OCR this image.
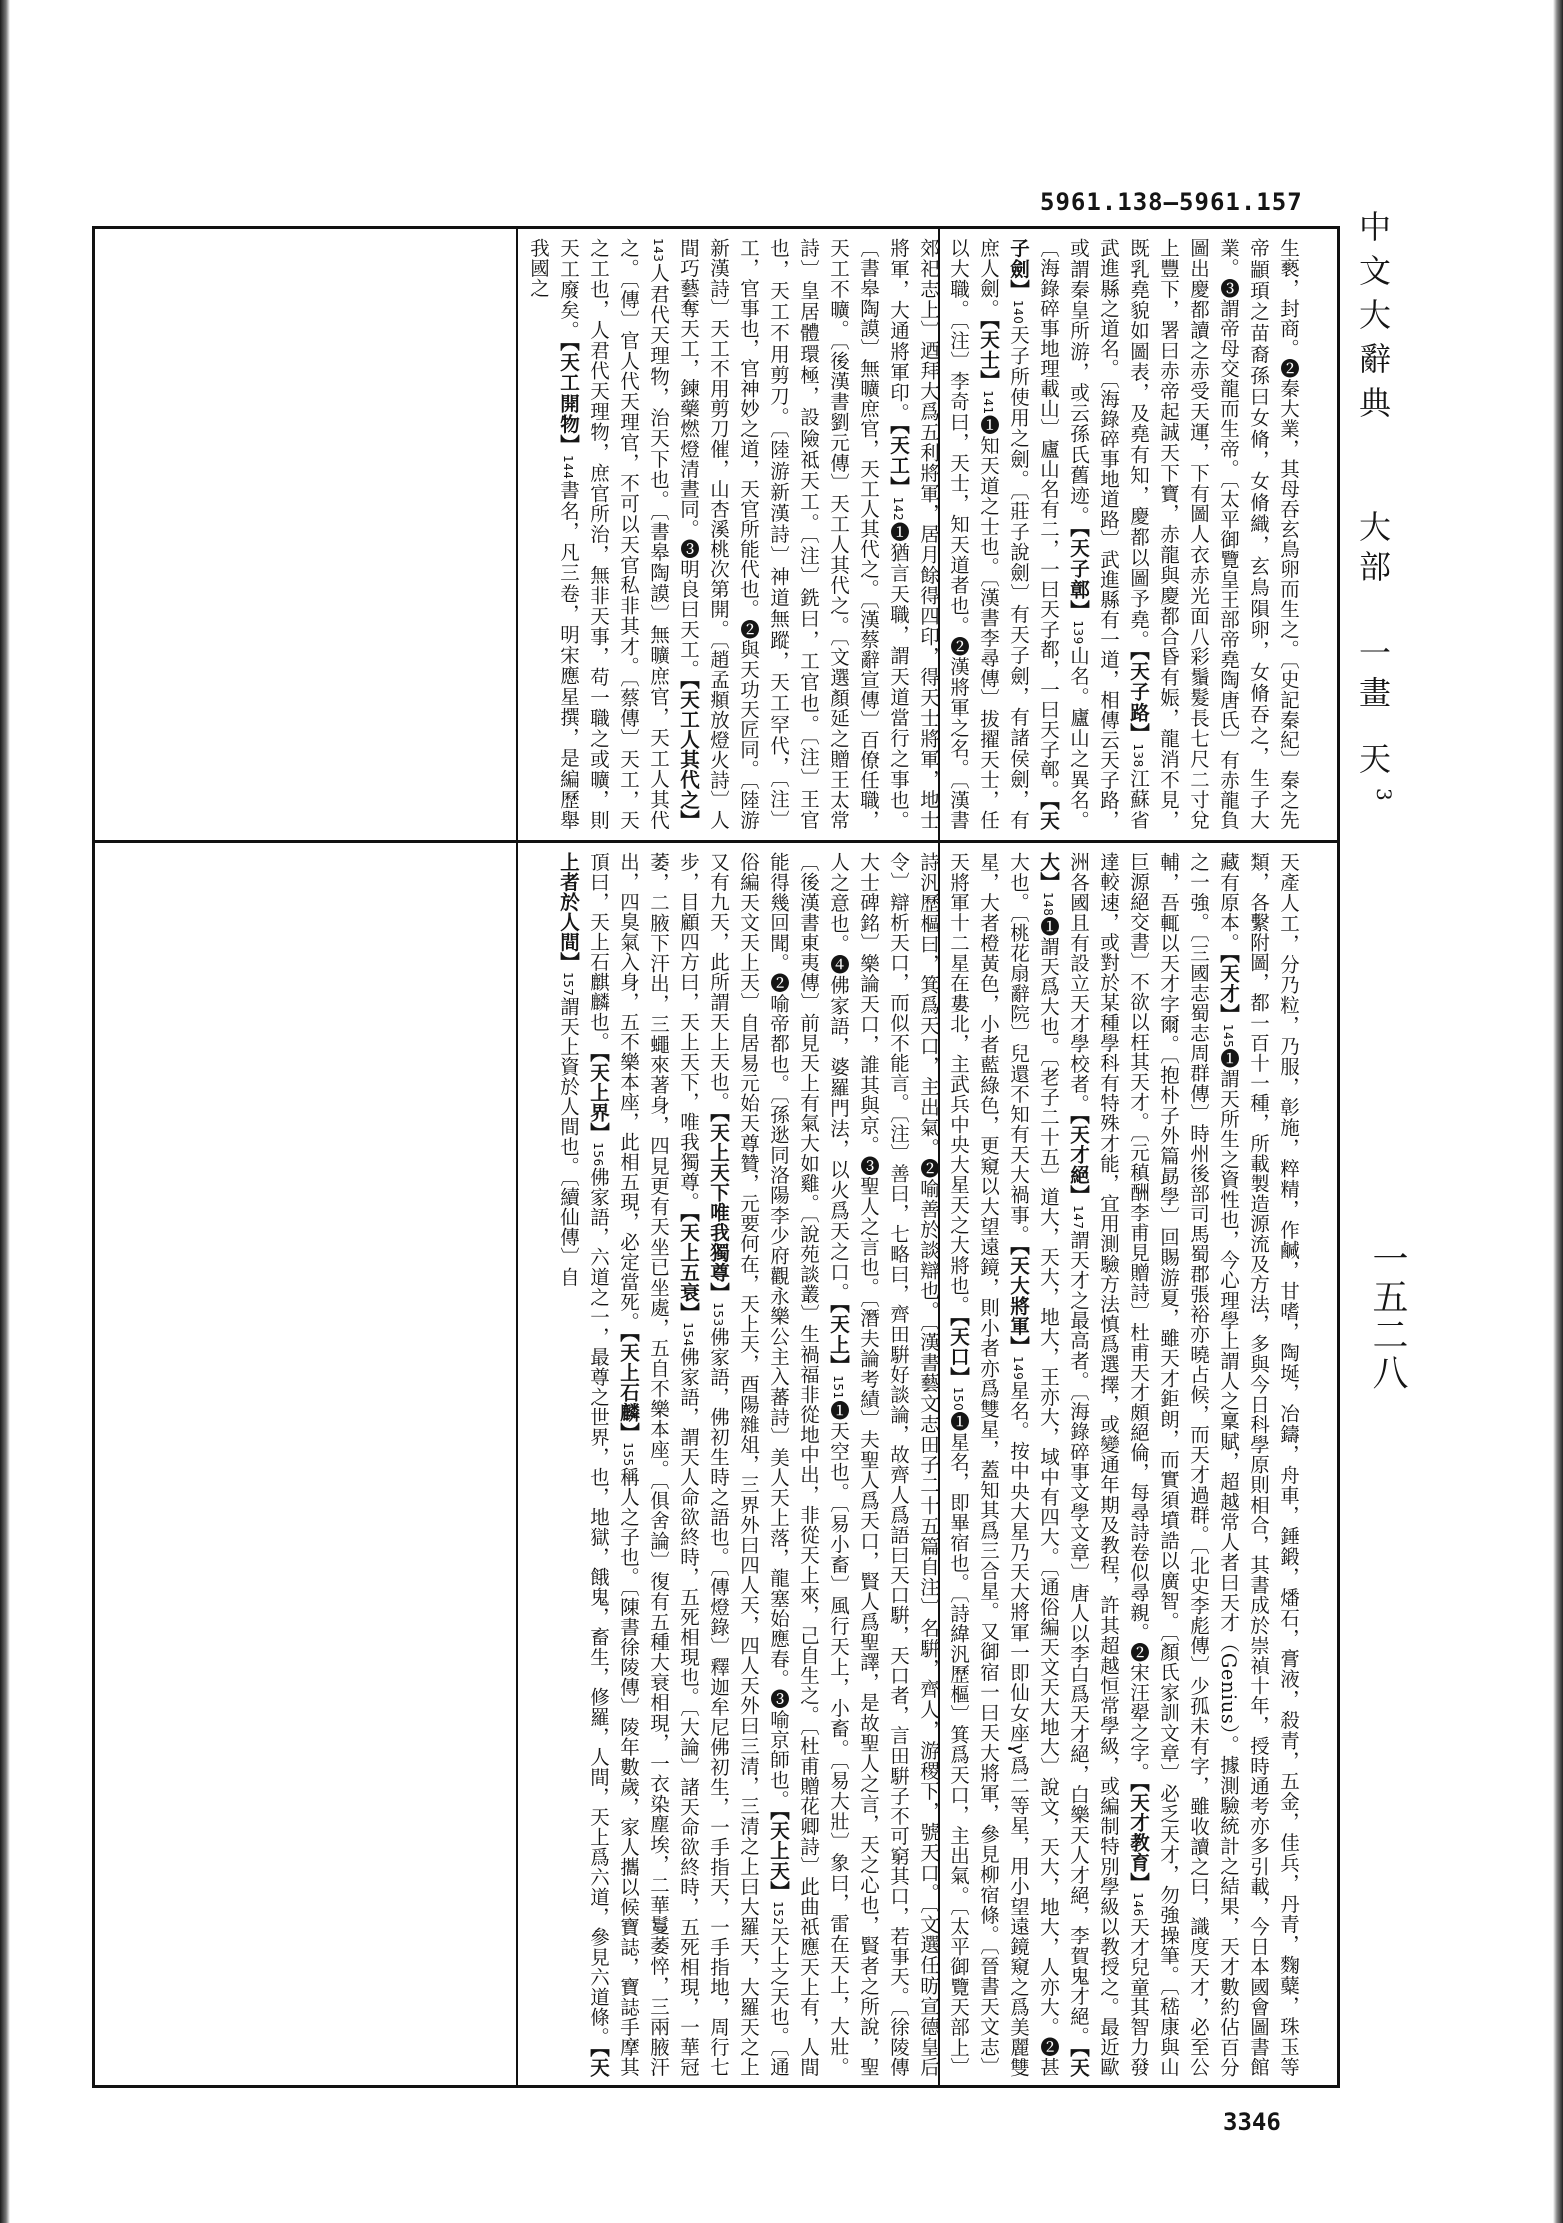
5961.138—5961.157
中文大辭典
大部
一畫
天
3
生褻，封商。❷秦大業，其母吞玄鳥卵而生之。〔史記秦紀〕秦之先帝顓頊之苗裔孫曰女脩，女脩織，玄鳥隕卵，女脩吞之，生子大業。❸謂帝母交龍而生帝。〔太平御覽皇王部帝堯陶唐氏〕有赤龍負圖出慶都讀之赤受天運，下有圖人衣赤光面八彩鬚髮長七尺二寸兌上豐下，署曰赤帝起誠天下寶，赤龍與慶都合昏有娠，龍消不見，既乳堯貌如圖表，及堯有知，慶都以圖予堯。【天子路】138江蘇省武進縣之道名。〔海錄碎事地道路〕武進縣有一道，相傳云天子路，或謂秦皇所游，或云孫氏舊迹。【天子鄣】139山名。廬山之異名。〔海錄碎事地理載山〕廬山名有二，一曰天子都，一曰天子鄣。【天子劍】140天子所使用之劍。〔莊子說劍〕有天子劍，有諸侯劍，有庶人劍。【天士】141❶知天道之士也。〔漢書李尋傳〕拔擢天士，任以大職。〔注〕李奇曰，天士，知天道者也。❷漢將軍之名。〔漢書郊祀志上〕迺拜大爲五利將軍，居月餘得四印，得天士將軍，地士將軍，大通將軍印。【天工】142❶猶言天職，謂天道當行之事也。〔書皋陶謨〕無曠庶官，天工人其代之。〔漢蔡辭宣傳〕百僚任職，天工不曠。〔後漢書劉元傳〕天工人其代之。〔文選顏延之贈王太常詩〕皇居體環極，設險祗天工。〔注〕銑曰，工官也。〔注〕王官也，天工不用剪刀。〔陸游新漢詩〕神道無蹤，天工罕代，〔注〕工，官事也，官神妙之道，天官所能代也。❷與天功天匠同。〔陸游新漢詩〕天工不用剪刀催，山杏溪桃次第開。〔趙孟頫放燈火詩〕人間巧藝奪天工，鍊藥燃燈清晝同。❸明良曰天工。【天工人其代之】143人君代天理物，治天下也。〔書皋陶謨〕無曠庶官，天工人其代之。〔傳〕官人代天理官，不可以天官私非其才。〔蔡傳〕天工，天之工也，人君代天理物，庶官所治，無非天事，苟一職之或曠，則天工廢矣。【天工開物】144書名，凡三卷，明宋應星撰，是編歷舉我國之
天產人工，分乃粒，乃服，彰施，粹精，作鹹，甘嗜，陶埏，冶鑄，舟車，錘鍛，燔石，膏液，殺青，五金，佳兵，丹青，麴糵，珠玉等類，各繫附圖，都一百十一種，所載製造源流及方法，多與今日科學原則相合，其書成於崇禎十年，授時通考亦多引載，今日本國會圖書館藏有原本。【天才】145❶謂天所生之資性也，今心理學上謂人之稟賦，超越常人者曰天才（Genius）。據測驗統計之結果，天才數約佔百分之一強。〔三國志蜀志周群傳〕時州後部司馬蜀郡張裕亦曉占候，而天才過群。〔北史李彪傳〕少孤未有字，雖收讀之曰，識度天才，必至公輔，吾輒以天才字爾。〔抱朴子外篇勗學〕回賜游夏，雖天才鉅朗，而實須墳誥以廣智。〔顏氏家訓文章〕必乏天才，勿強操筆。〔嵇康與山巨源絕交書〕不欲以枉其天才。〔元稹酬李甫見贈詩〕杜甫天才頗絕倫，每尋詩卷似尋親。❷宋汪翚之字。【天才教育】146天才兒童其智力發達較速，或對於某種學科有特殊才能，宜用測驗方法慎爲選擇，或變通年期及教程，許其超越恒常學級，或編制特別學級以教授之。最近歐洲各國且有設立天才學校者。【天才絕】147謂天才之最高者。〔海錄碎事文學文章〕唐人以李白爲天才絕，白樂天人才絕，李賀鬼才絕。【天大】148❶謂天爲大也。〔老子二十五〕道大，天大，地大，王亦大，域中有四大。〔通俗編天文天大地大〕說文，天大，地大，人亦大。❷甚大也。〔桃花扇辭院〕兒還不知有天大禍事。【天大將軍】149星名。按中央大星乃天大將軍一即仙女座γ爲二等星，用小望遠鏡窺之爲美麗雙星，大者橙黃色，小者藍綠色，更窺以大望遠鏡，則小者亦爲雙星，蓋知其爲三合星。又御宿一曰天大將軍，參見柳宿條。〔晉書天文志〕天將軍十二星在婁北，主武兵中央大星天之大將也。【天口】150❶星名，即畢宿也。〔詩緯汎歷樞〕箕爲天口，主出氣。〔太平御覽天部上〕詩汎歷樞曰，箕爲天口，主出氣。❷喻善於談辯也。〔漢書藝文志田子二十五篇自注〕名騈，齊人，游稷下，號天口。〔文選任昉宣德皇后令〕辯析天口，而似不能言。〔注〕善曰，七略曰，齊田騈好談論，故齊人爲語曰天口騈，天口者，言田騈子不可窮其口，若事天。〔徐陵傳大士碑銘〕樂論天口，誰其與京。❸聖人之言也。〔潛夫論考績〕夫聖人爲天口，賢人爲聖譯，是故聖人之言，天之心也，賢者之所說，聖人之意也。❹佛家語，婆羅門法，以火爲天之口。【天上】151❶天空也。〔易小畜〕風行天上，小畜。〔易大壯〕象曰，雷在天上，大壯。〔後漢書東夷傳〕前見天上有氣大如雞。〔說苑談叢〕生禍福非從地中出，非從天上來，己自生之。〔杜甫贈花卿詩〕此曲祇應天上有，人間能得幾回聞。❷喻帝都也。〔孫逖同洛陽李少府觀永樂公主入蕃詩〕美人天上落，龍塞始應春。❸喻京師也。【天上天】152天上之天也。〔通俗編天文天上天〕自居易元始天尊贊，元要何在，天上天，酉陽雜俎，三界外曰四人天，四人天外曰三清，三清之上曰大羅天，大羅天之上又有九天，此所謂天上天也。【天上天下唯我獨尊】153佛家語，佛初生時之語也。〔傳燈錄〕釋迦牟尼佛初生，一手指天，一手指地，周行七步，目顧四方曰，天上天下，唯我獨尊。【天上五衰】154佛家語，謂天人命欲終時，五死相現也。〔大論〕諸天命欲終時，五死相現，一華冠萎，二腋下汗出，三蠅來著身，四見更有天坐已坐處，五自不樂本座。〔俱舍論〕復有五種大衰相現，一衣染塵埃，二華鬘萎悴，三兩腋汗出，四臭氣入身，五不樂本座，此相五現，必定當死。【天上石麟】155稱人之子也。〔陳書徐陵傳〕陵年數歲，家人攜以候寶誌，寶誌手摩其頂曰，天上石麒麟也。【天上界】156佛家語，六道之一，最尊之世界，也，地獄，餓鬼，畜生，修羅，人間，天上爲六道，參見六道條。【天上者於人間】157謂天上資於人間也。〔續仙傳〕自
一五二八
3346
